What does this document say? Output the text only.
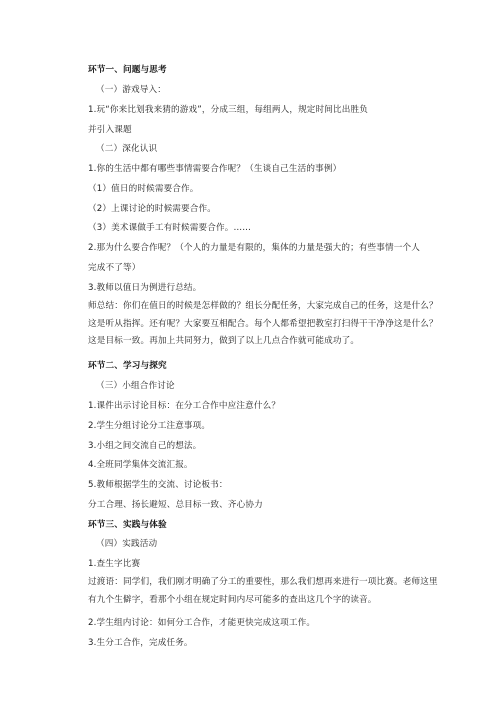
环节一、问题与思考
（一）游戏导入：
1.玩“你来比划我来猜的游戏”，分成三组，每组两人，规定时间比出胜负
并引入课题
（二）深化认识
1.你的生活中都有哪些事情需要合作呢？（生谈自己生活的事例）
（1）值日的时候需要合作。
（2）上课讨论的时候需要合作。
（3）美术课做手工有时候需要合作。……
2.那为什么要合作呢？（个人的力量是有限的，集体的力量是强大的；有些事情一个人
完成不了等）
3.教师以值日为例进行总结。
师总结：你们在值日的时候是怎样做的？组长分配任务，大家完成自己的任务，这是什么？这是听从指挥。还有呢？大家要互相配合。每个人都希望把教室打扫得干干净净这是什么？这是目标一致。再加上共同努力，做到了以上几点合作就可能成功了。
环节二、学习与探究
（三）小组合作讨论
1.课件出示讨论目标：在分工合作中应注意什么？
2.学生分组讨论分工注意事项。
3.小组之间交流自己的想法。
4.全班同学集体交流汇报。
5.教师根据学生的交流、讨论板书：
分工合理、扬长避短、总目标一致、齐心协力
环节三、实践与体验
（四）实践活动
1.查生字比赛
过渡语：同学们，我们刚才明确了分工的重要性，那么我们想再来进行一项比赛。老师这里有九个生僻字，看那个小组在规定时间内尽可能多的查出这几个字的读音。
2.学生组内讨论：如何分工合作，才能更快完成这项工作。
3.生分工合作，完成任务。
